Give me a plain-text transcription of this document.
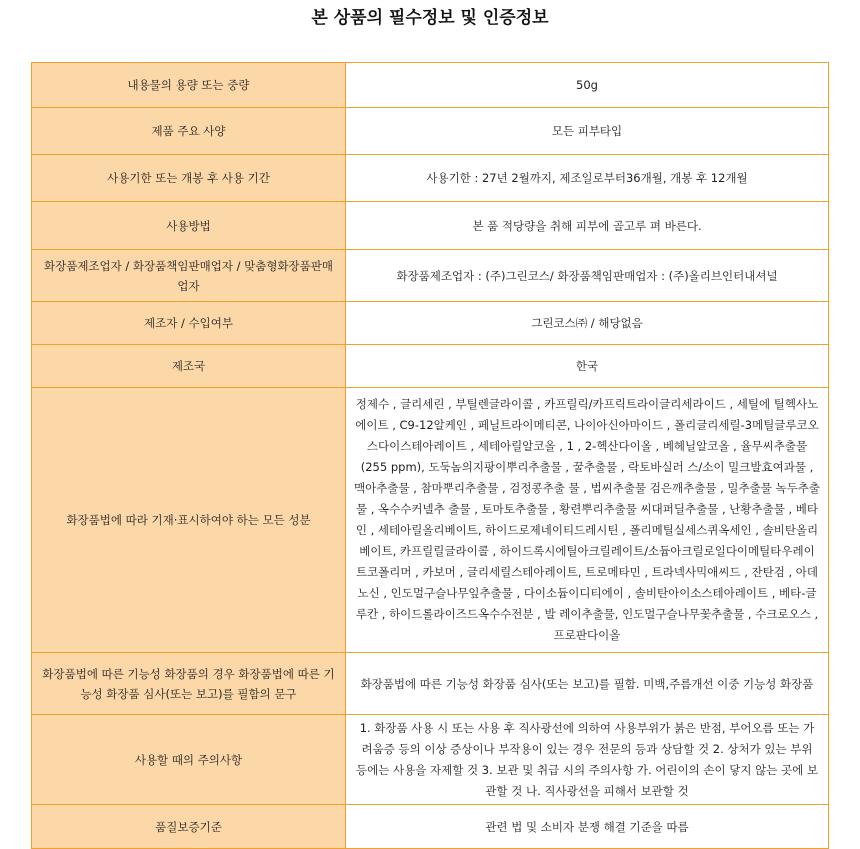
본 상품의 필수정보 및 인증정보
내용물의 용량 또는 중량	50g
제품 주요 사양	모든 피부타입
사용기한 또는 개봉 후 사용 기간	사용기한 : 27년 2월까지, 제조일로부터36개월, 개봉 후 12개월
사용방법	본 품 적당량을 취해 피부에 골고루 펴 바른다.
화장품제조업자 / 화장품책임판매업자 / 맞춤형화장품판매업자	화장품제조업자 : (주)그린코스/ 화장품책임판매업자 : (주)올리브인터내셔널
제조자 / 수입여부	그린코스㈜ / 해당없음
제조국	한국
화장품법에 따라 기재·표시하여야 하는 모든 성분	정제수 , 글리세린 , 부틸렌글라이콜 , 카프릴릭/카프릭트라이글리세라이드 , 세틸에 틸헥사노에이트 , C9-12알케인 , 페닐트라이메티콘, 나이아신아마이드 , 폴리글리세릴-3메틸글루코오스다이스테아레이트 , 세테아릴알코올 , 1 , 2-헥산다이올 , 베헤닐알코올 , 율무씨추출물(255 ppm), 도둑놈의지팡이뿌리추출물 , 꿀추출물 , 락토바실러 스/소이 밀크발효여과물 , 맥아추출물 , 참마뿌리추출물 , 검정콩추출 물 , 법씨추출물 검은깨추출물 , 밀추출물 녹두추출물 , 옥수수커넬추 출물 , 토마토추출물 , 황련뿌리추출물 씨대퍼딜추출물 , 난황추출물 , 베타인 , 세테아릴올리베이트, 하이드로제네이티드레시틴 , 폴리메틸실세스퀴옥세인 , 솔비탄올리베이트, 카프릴릴글라이콜 , 하이드록시에틸아크릴레이트/소듐아크릴로일다이메틸타우레이트코폴리머 , 카보머 , 글리세릴스테아레이트, 트로메타민 , 트라넥사믹애씨드 , 잔탄검 , 아데노신 , 인도멀구슬나무잎추출물 , 다이소듐이디티에이 , 솔비탄아이소스테아레이트 , 베타-글루칸 , 하이드롤라이즈드옥수수전분 , 발 레이추출물, 인도멀구슬나무꽃추출물 , 수크로오스 , 프로판다이올
화장품법에 따른 기능성 화장품의 경우 화장품법에 따른 기능성 화장품 심사(또는 보고)를 필함의 문구	화장품법에 따른 기능성 화장품 심사(또는 보고)를 필함. 미백,주름개선 이중 기능성 화장품
사용할 때의 주의사항	1. 화장품 사용 시 또는 사용 후 직사광선에 의하여 사용부위가 붉은 반점, 부어오름 또는 가려움증 등의 이상 증상이나 부작용이 있는 경우 전문의 등과 상담할 것 2. 상처가 있는 부위 등에는 사용을 자제할 것 3. 보관 및 취급 시의 주의사항 가. 어린이의 손이 닿지 않는 곳에 보관할 것 나. 직사광선을 피해서 보관할 것
품질보증기준	관련 법 및 소비자 분쟁 해결 기준을 따름
